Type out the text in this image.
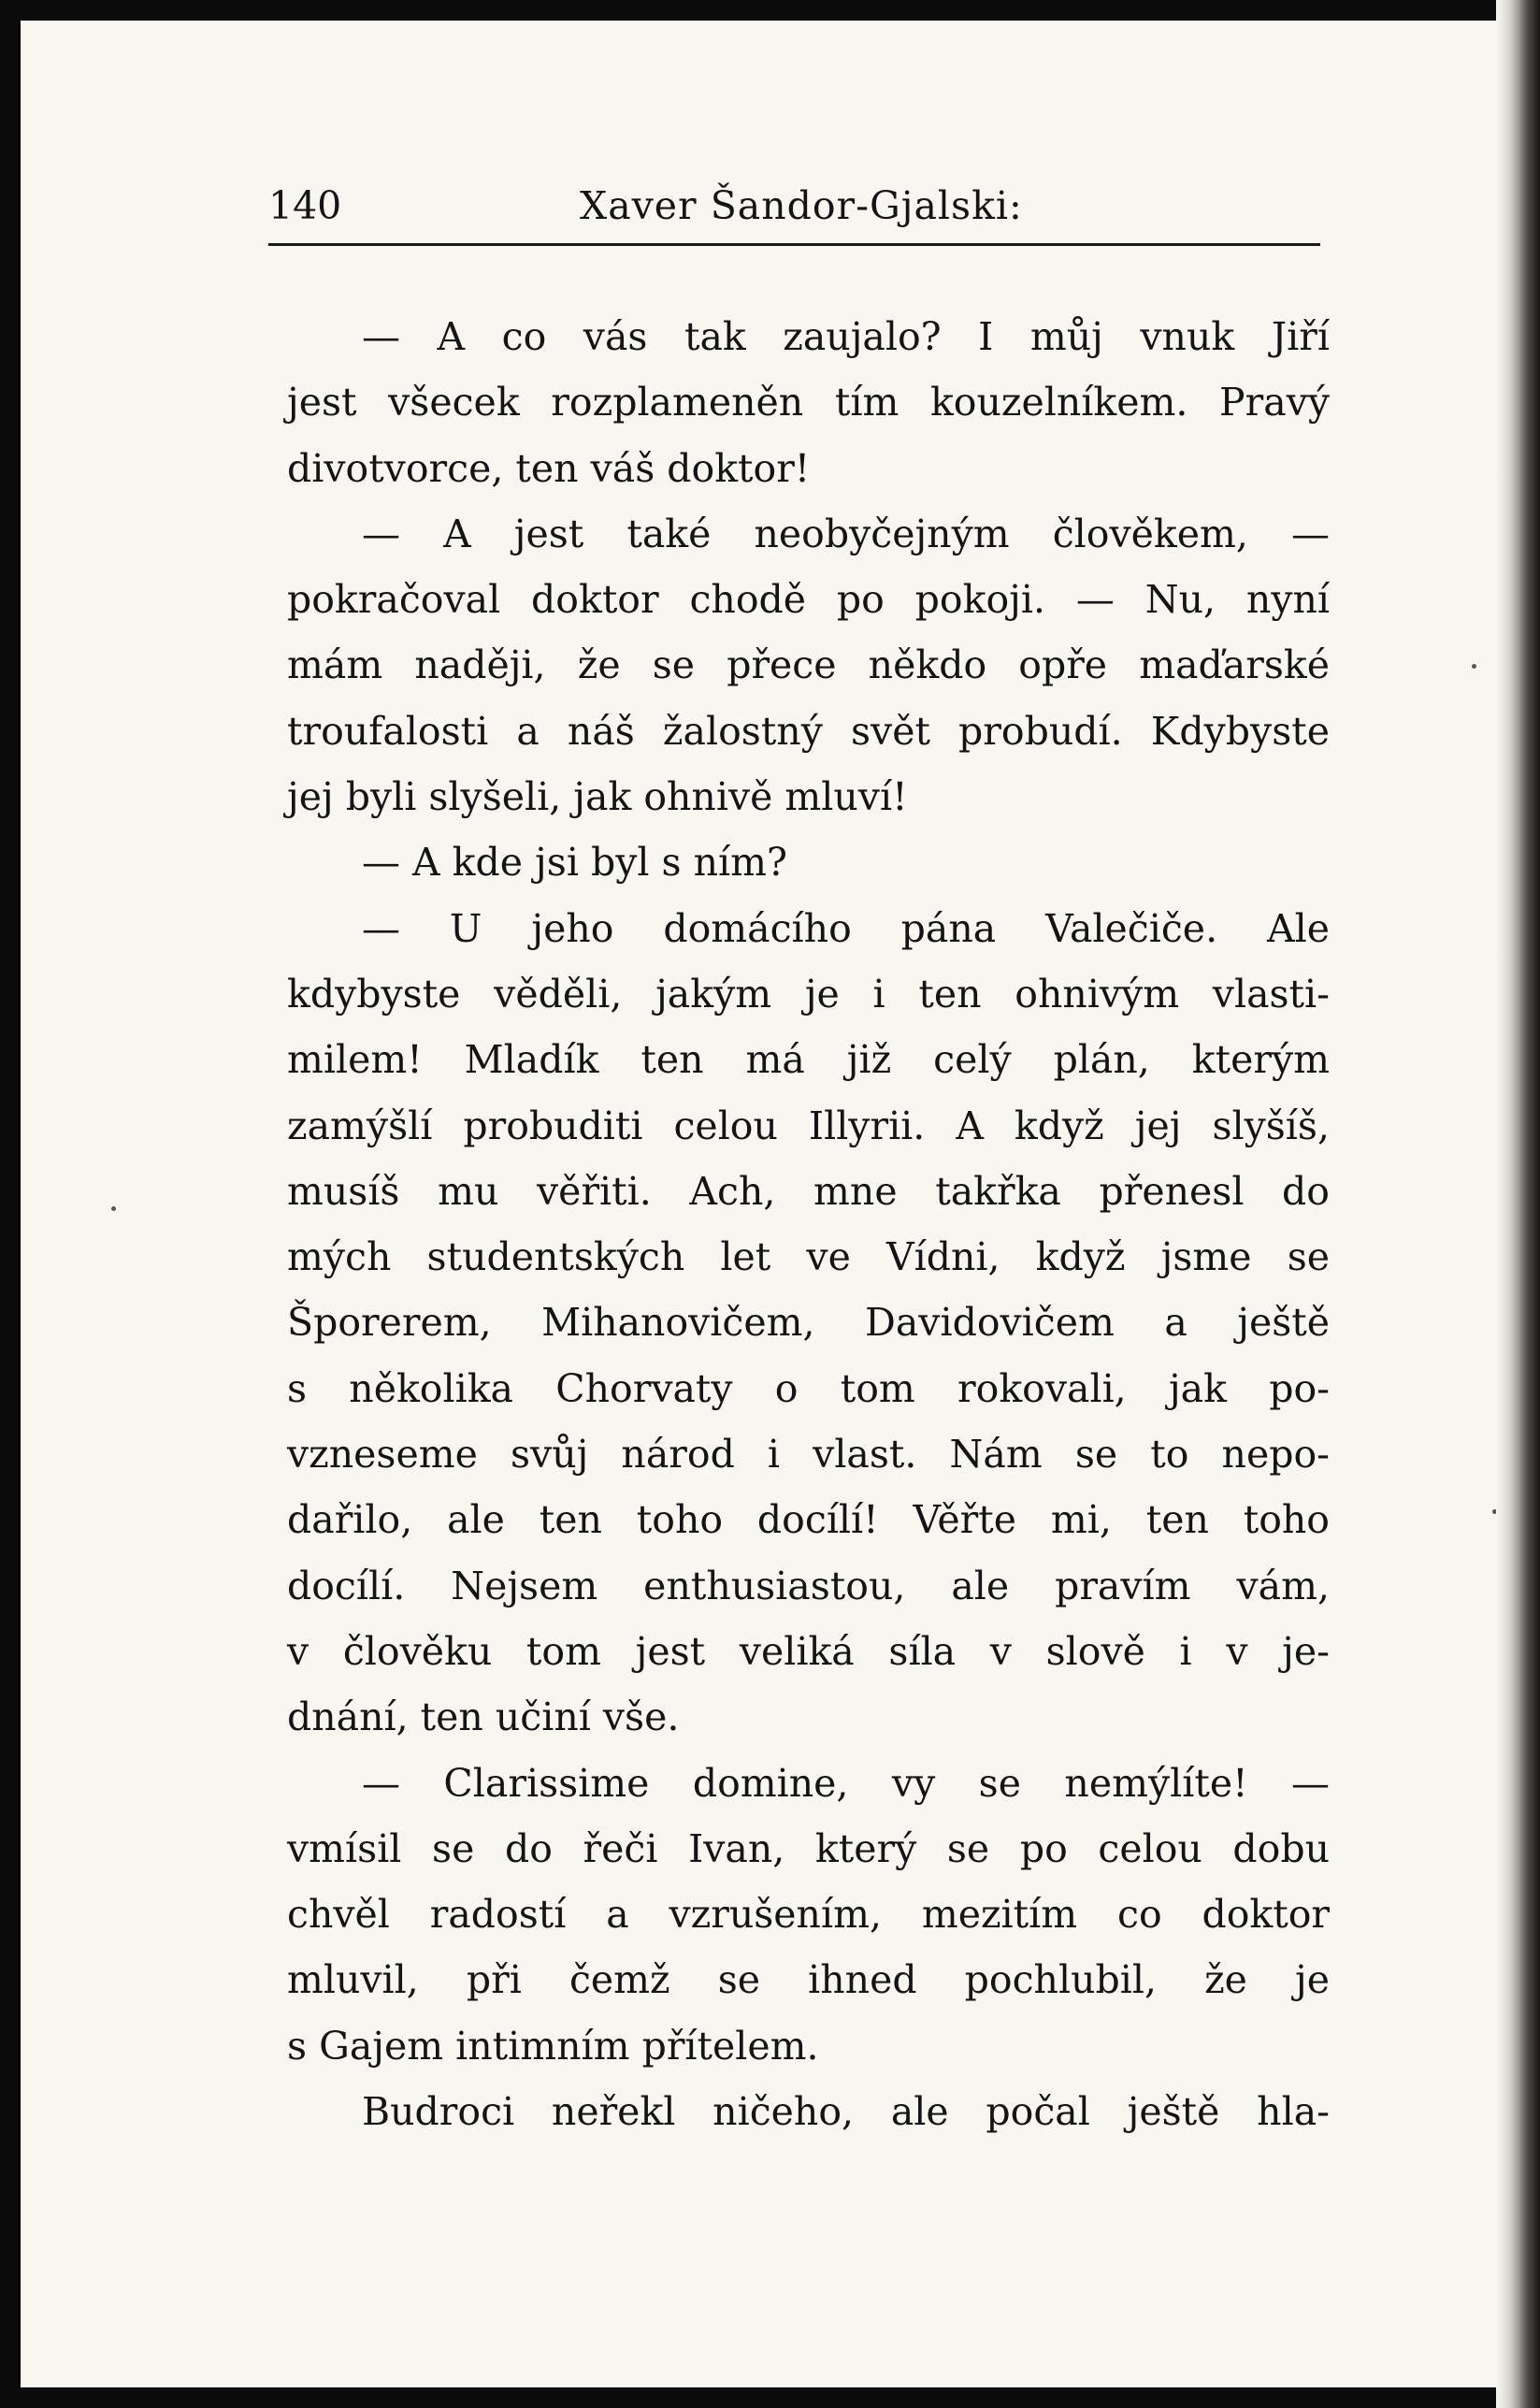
140	Xaver Šandor-Gjalski:
— A co vás tak zaujalo? I můj vnuk Jiří
jest všecek rozplameněn tím kouzelníkem. Pravý
divotvorce, ten váš doktor!
— A jest také neobyčejným člověkem, —
pokračoval doktor chodě po pokoji. — Nu, nyní
mám naději, že se přece někdo opře maďarské
troufalosti a náš žalostný svět probudí. Kdybyste
jej byli slyšeli, jak ohnivě mluví!
— A kde jsi byl s ním?
— U jeho domácího pána Valečiče. Ale
kdybyste věděli, jakým je i ten ohnivým vlasti-
milem! Mladík ten má již celý plán, kterým
zamýšlí probuditi celou Illyrii. A když jej slyšíš,
musíš mu věřiti. Ach, mne takřka přenesl do
mých studentských let ve Vídni, když jsme se
Šporerem, Mihanovičem, Davidovičem a ještě
s několika Chorvaty o tom rokovali, jak po-
vzneseme svůj národ i vlast. Nám se to nepo-
dařilo, ale ten toho docílí! Věřte mi, ten toho
docílí. Nejsem enthusiastou, ale pravím vám,
v člověku tom jest veliká síla v slově i v je-
dnání, ten učiní vše.
— Clarissime domine, vy se nemýlíte! —
vmísil se do řeči Ivan, který se po celou dobu
chvěl radostí a vzrušením, mezitím co doktor
mluvil, při čemž se ihned pochlubil, že je
s Gajem intimním přítelem.
Budroci neřekl ničeho, ale počal ještě hla-
